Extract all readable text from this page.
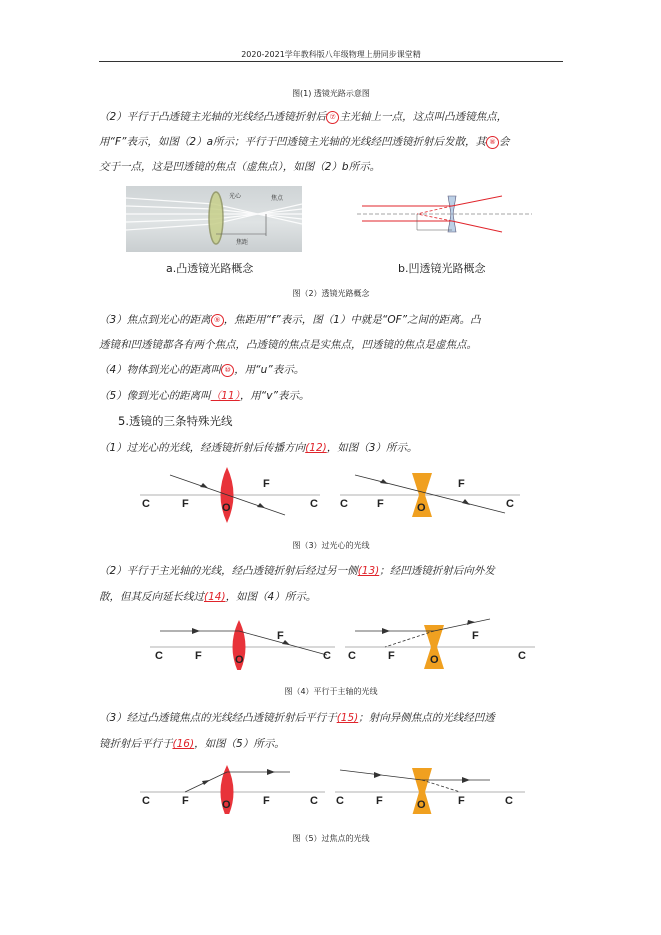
2020-2021学年教科版八年级物理上册同步课堂精
图(1) 透镜光路示意图
（2）平行于凸透镜主光轴的光线经凸透镜折射后 ⑦ 主光轴上一点，这点叫凸透镜焦点，
用“F”表示，如图（2）a所示；平行于凹透镜主光轴的光线经凹透镜折射后发散，其 ⑧ 会
交于一点，这是凹透镜的焦点（虚焦点），如图（2）b所示。
光心
焦距
焦点
a.凸透镜光路概念	b.凹透镜光路概念
图（2）透镜光路概念
（3）焦点到光心的距离 ⑨ ，焦距用“f”表示，图（1）中就是“OF”之间的距离。凸
透镜和凹透镜都各有两个焦点，凸透镜的焦点是实焦点，凹透镜的焦点是虚焦点。
（4）物体到光心的距离叫 ⑩ ，用“u”表示。
（5）像到光心的距离叫（11），用“v”表示。
5.透镜的三条特殊光线
（1）过光心的光线，经透镜折射后传播方向(12)，如图（3）所示。
C	F	O
F
C C	F	O
F
C
图（3）过光心的光线
（2）平行于主光轴的光线，经凸透镜折射后经过另一侧(13)；经凹透镜折射后向外发
散，但其反向延长线过(14)，如图（4）所示。
C	F	O
F
C C	F	O
F
C
图（4）平行于主轴的光线
（3）经过凸透镜焦点的光线经凸透镜折射后平行于(15)；射向异侧焦点的光线经凹透
镜折射后平行于(16)，如图（5）所示。
C	F	O	F	C C	F	O	F	C
图（5）过焦点的光线
